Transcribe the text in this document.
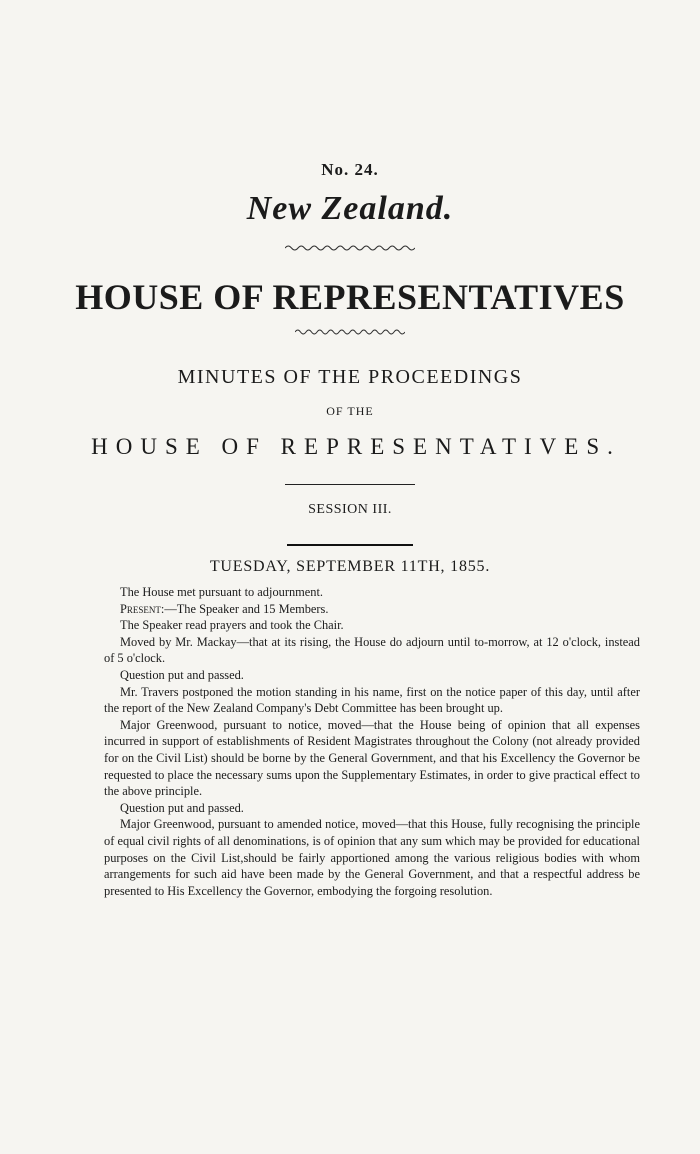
No. 24.
New Zealand.
HOUSE OF REPRESENTATIVES
MINUTES OF THE PROCEEDINGS
OF THE
HOUSE OF REPRESENTATIVES.
SESSION III.
TUESDAY, SEPTEMBER 11TH, 1855.

The House met pursuant to adjournment.

Present:—The Speaker and 15 Members.

The Speaker read prayers and took the Chair.

Moved by Mr. Mackay—that at its rising, the House do adjourn until to-morrow, at 12 o'clock, instead of 5 o'clock.

Question put and passed.

Mr. Travers postponed the motion standing in his name, first on the notice paper of this day, until after the report of the New Zealand Company's Debt Committee has been brought up.

Major Greenwood, pursuant to notice, moved—that the House being of opinion that all expenses incurred in support of establishments of Resident Magistrates throughout the Colony (not already provided for on the Civil List) should be borne by the General Government, and that his Excellency the Governor be requested to place the necessary sums upon the Supplementary Estimates, in order to give practical effect to the above principle.

Question put and passed.

Major Greenwood, pursuant to amended notice, moved—that this House, fully recognising the principle of equal civil rights of all denominations, is of opinion that any sum which may be provided for educational purposes on the Civil List,should be fairly apportioned among the various religious bodies with whom arrangements for such aid have been made by the General Government, and that a respectful address be presented to His Excellency the Governor, embodying the forgoing resolution.
